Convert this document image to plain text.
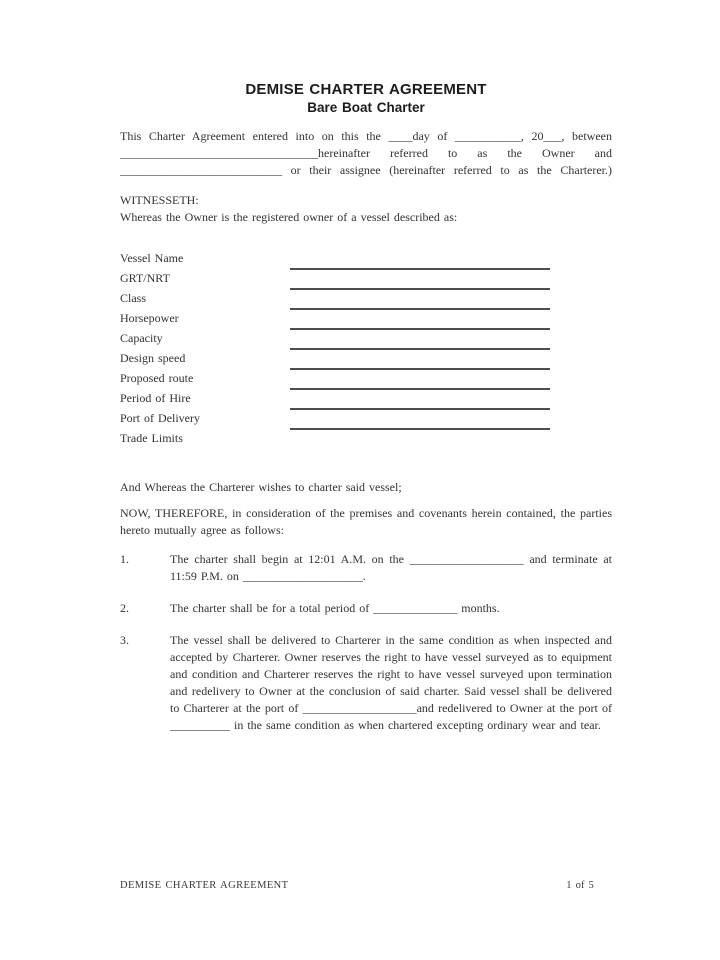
DEMISE CHARTER AGREEMENT
Bare Boat Charter

This Charter Agreement entered into on this the ____day of ___________, 20___, between _________________________________hereinafter referred to as the Owner and ___________________________ or their assignee (hereinafter referred to as the Charterer.)

WITNESSETH:
Whereas the Owner is the registered owner of a vessel described as:
Vessel Name
GRT/NRT
Class
Horsepower
Capacity
Design speed
Proposed route
Period of Hire
Port of Delivery
Trade Limits

And Whereas the Charterer wishes to charter said vessel;

NOW, THEREFORE, in consideration of the premises and covenants herein contained, the parties hereto mutually agree as follows:

1.	The charter shall begin at 12:01 A.M. on the ___________________ and terminate at 11:59 P.M. on ____________________.
2.	The charter shall be for a total period of ______________ months.
3.	The vessel shall be delivered to Charterer in the same condition as when inspected and accepted by Charterer. Owner reserves the right to have vessel surveyed as to equipment and condition and Charterer reserves the right to have vessel surveyed upon termination and redelivery to Owner at the conclusion of said charter. Said vessel shall be delivered to Charterer at the port of ___________________and redelivered to Owner at the port of __________ in the same condition as when chartered excepting ordinary wear and tear.
DEMISE CHARTER AGREEMENT	1 of 5
